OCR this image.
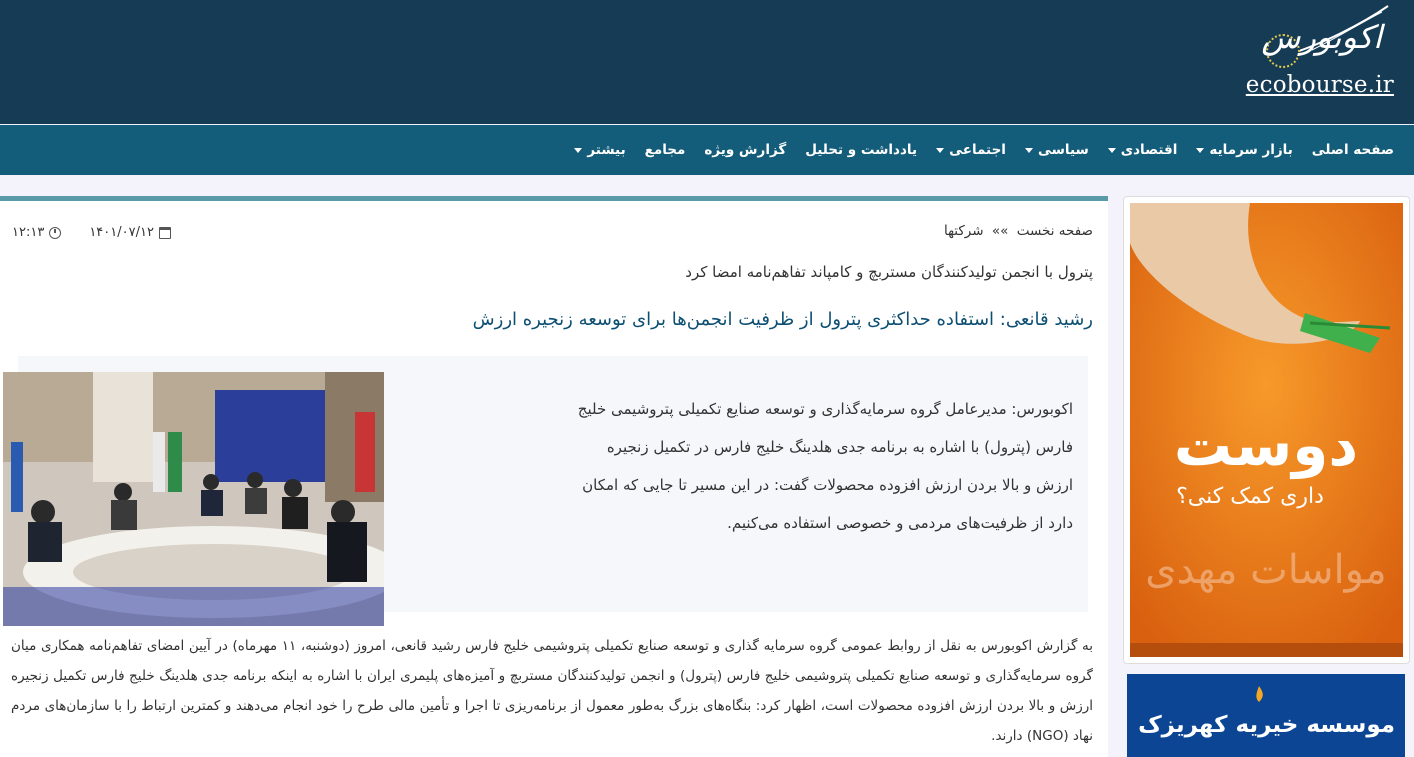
اکوبورس
ecobourse.ir
صفحه اصلی
بازار سرمایه
اقتصادی
سیاسی
اجتماعی
یادداشت و تحلیل
گزارش ویژه
مجامع
بیشتر
صفحه نخست »» شرکتها
۱۴۰۱/۰۷/۱۲
۱۲:۱۳
پترول با انجمن تولیدکنندگان مستربچ و کامپاند تفاهم‌نامه امضا کرد
رشید قانعی: استفاده حداکثری پترول از ظرفیت انجمن‌ها برای توسعه زنجیره ارزش

اکوبورس: مدیرعامل گروه سرمایه‌گذاری و توسعه صنایع تکمیلی پتروشیمی خلیج فارس (پترول) با اشاره به برنامه جدی هلدینگ خلیج فارس در تکمیل زنجیره ارزش و بالا بردن ارزش افزوده محصولات گفت: در این مسیر تا جایی که امکان دارد از ظرفیت‌های مردمی و خصوصی استفاده می‌کنیم.

به گزارش اکوبورس به نقل از روابط عمومی گروه سرمایه گذاری و توسعه صنایع تکمیلی پتروشیمی خلیج فارس رشید قانعی، امروز (دوشنبه، ۱۱ مهرماه) در آیین امضای تفاهم‌نامه همکاری میان گروه سرمایه‌گذاری و توسعه صنایع تکمیلی پتروشیمی خلیج فارس (پترول) و انجمن تولیدکنندگان مستربچ و آمیزه‌های پلیمری ایران با اشاره به اینکه برنامه جدی هلدینگ خلیج فارس تکمیل زنجیره ارزش و بالا بردن ارزش افزوده محصولات است، اظهار کرد: بنگاه‌های بزرگ به‌طور معمول از برنامه‌ریزی تا اجرا و تأمین مالی طرح را خود انجام می‌دهند و کمترین ارتباط را با سازمان‌های مردم نهاد (NGO) دارند.

دوست
داری کمک کنی؟
مواسات مهدی
موسسه خیریه کهریزک
